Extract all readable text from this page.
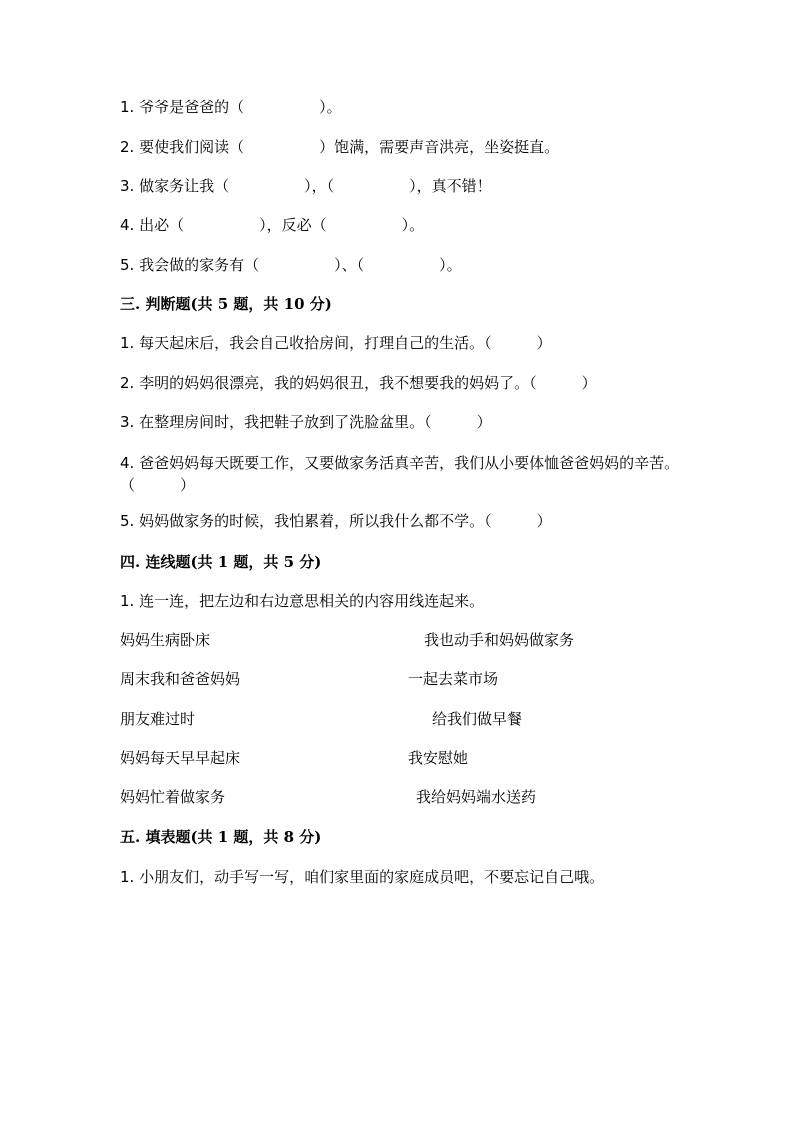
1. 爷爷是爸爸的（　　　　　）。
2. 要使我们阅读（　　　　　）饱满，需要声音洪亮，坐姿挺直。
3. 做家务让我（　　　　　），（　　　　　），真不错！
4. 出必（　　　　　），反必（　　　　　）。
5. 我会做的家务有（　　　　　）、（　　　　　）。
三. 判断题(共 5 题，共 10 分)
1. 每天起床后，我会自己收拾房间，打理自己的生活。（　　　）
2. 李明的妈妈很漂亮，我的妈妈很丑，我不想要我的妈妈了。（　　　）
3. 在整理房间时，我把鞋子放到了洗脸盆里。（　　　）
4. 爸爸妈妈每天既要工作，又要做家务活真辛苦，我们从小要体恤爸爸妈妈的辛苦。（　　　）
5. 妈妈做家务的时候，我怕累着，所以我什么都不学。（　　　）
四. 连线题(共 1 题，共 5 分)
1. 连一连，把左边和右边意思相关的内容用线连起来。
妈妈生病卧床
周末我和爸爸妈妈
朋友难过时
妈妈每天早早起床
妈妈忙着做家务
我也动手和妈妈做家务
一起去菜市场
给我们做早餐
我安慰她
我给妈妈端水送药
五. 填表题(共 1 题，共 8 分)
1. 小朋友们，动手写一写，咱们家里面的家庭成员吧，不要忘记自己哦。
